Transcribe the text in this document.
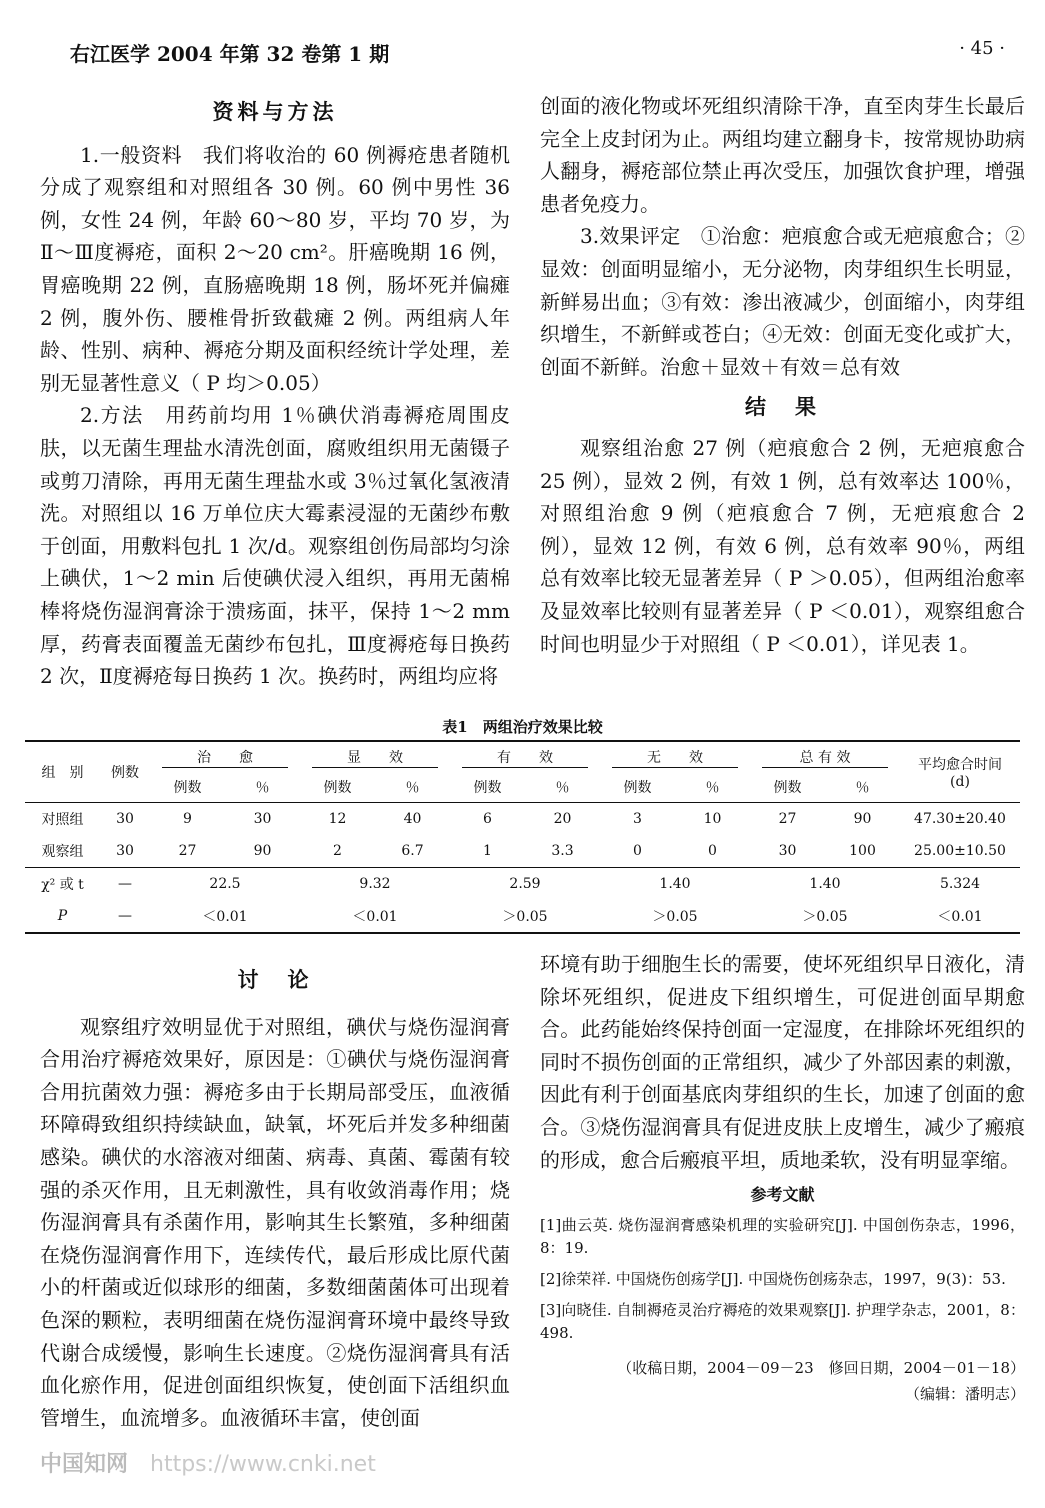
右江医学 2004 年第 32 卷第 1 期	· 45 ·

资料与方法

1.一般资料　我们将收治的 60 例褥疮患者随机分成了观察组和对照组各 30 例。60 例中男性 36 例，女性 24 例，年龄 60～80 岁，平均 70 岁，为Ⅱ～Ⅲ度褥疮，面积 2～20 cm²。肝癌晚期 16 例，胃癌晚期 22 例，直肠癌晚期 18 例，肠坏死并偏瘫 2 例，腹外伤、腰椎骨折致截瘫 2 例。两组病人年龄、性别、病种、褥疮分期及面积经统计学处理，差别无显著性意义（ P 均＞0.05）

2.方法　用药前均用 1％碘伏消毒褥疮周围皮肤，以无菌生理盐水清洗创面，腐败组织用无菌镊子或剪刀清除，再用无菌生理盐水或 3％过氧化氢液清洗。对照组以 16 万单位庆大霉素浸湿的无菌纱布敷于创面，用敷料包扎 1 次/d。观察组创伤局部均匀涂上碘伏，1～2 min 后使碘伏浸入组织，再用无菌棉棒将烧伤湿润膏涂于溃疡面，抹平，保持 1～2 mm 厚，药膏表面覆盖无菌纱布包扎，Ⅲ度褥疮每日换药 2 次，Ⅱ度褥疮每日换药 1 次。换药时，两组均应将

创面的液化物或坏死组织清除干净，直至肉芽生长最后完全上皮封闭为止。两组均建立翻身卡，按常规协助病人翻身，褥疮部位禁止再次受压，加强饮食护理，增强患者免疫力。

3.效果评定　①治愈：疤痕愈合或无疤痕愈合；②显效：创面明显缩小，无分泌物，肉芽组织生长明显，新鲜易出血；③有效：渗出液减少，创面缩小，肉芽组织增生，不新鲜或苍白；④无效：创面无变化或扩大，创面不新鲜。治愈＋显效＋有效＝总有效

结　果

观察组治愈 27 例（疤痕愈合 2 例，无疤痕愈合 25 例），显效 2 例，有效 1 例，总有效率达 100％，对照组治愈 9 例（疤痕愈合 7 例，无疤痕愈合 2 例），显效 12 例，有效 6 例，总有效率 90％，两组总有效率比较无显著差异（ P ＞0.05），但两组治愈率及显效率比较则有显著差异（ P ＜0.01），观察组愈合时间也明显少于对照组（ P ＜0.01），详见表 1。

表1　两组治疗效果比较
组　别	例数	治　　愈		显　　效		有　　效		无　　效		总 有 效		平均愈合时间(d)
		例数	％	例数	％	例数	％	例数	％	例数	％	
对照组	30	9	30	12	40	6	20	3	10	27	90	47.30±20.40
观察组	30	27	90	2	6.7	1	3.3	0	0	30	100	25.00±10.50
χ² 或 t	—	22.5		9.32		2.59		1.40		1.40		5.324
P	—	＜0.01		＜0.01		＞0.05		＞0.05		＞0.05		＜0.01

讨　论

观察组疗效明显优于对照组，碘伏与烧伤湿润膏合用治疗褥疮效果好，原因是：①碘伏与烧伤湿润膏合用抗菌效力强：褥疮多由于长期局部受压，血液循环障碍致组织持续缺血，缺氧，坏死后并发多种细菌感染。碘伏的水溶液对细菌、病毒、真菌、霉菌有较强的杀灭作用，且无刺激性，具有收敛消毒作用；烧伤湿润膏具有杀菌作用，影响其生长繁殖，多种细菌在烧伤湿润膏作用下，连续传代，最后形成比原代菌小的杆菌或近似球形的细菌，多数细菌菌体可出现着色深的颗粒，表明细菌在烧伤湿润膏环境中最终导致代谢合成缓慢，影响生长速度。②烧伤湿润膏具有活血化瘀作用，促进创面组织恢复，使创面下活组织血管增生，血流增多。血液循环丰富，使创面

环境有助于细胞生长的需要，使坏死组织早日液化，清除坏死组织，促进皮下组织增生，可促进创面早期愈合。此药能始终保持创面一定湿度，在排除坏死组织的同时不损伤创面的正常组织，减少了外部因素的刺激，因此有利于创面基底肉芽组织的生长，加速了创面的愈合。③烧伤湿润膏具有促进皮肤上皮增生，减少了瘢痕的形成，愈合后瘢痕平坦，质地柔软，没有明显挛缩。

参考文献

[1]曲云英. 烧伤湿润膏感染机理的实验研究[J]. 中国创伤杂志，1996，8：19.
[2]徐荣祥. 中国烧伤创疡学[J]. 中国烧伤创疡杂志，1997，9(3)：53.
[3]向晓佳. 自制褥疮灵治疗褥疮的效果观察[J]. 护理学杂志，2001，8：498.
（收稿日期，2004－09－23　修回日期，2004－01－18）
（编辑：潘明志）
中国知网 https://www.cnki.net
